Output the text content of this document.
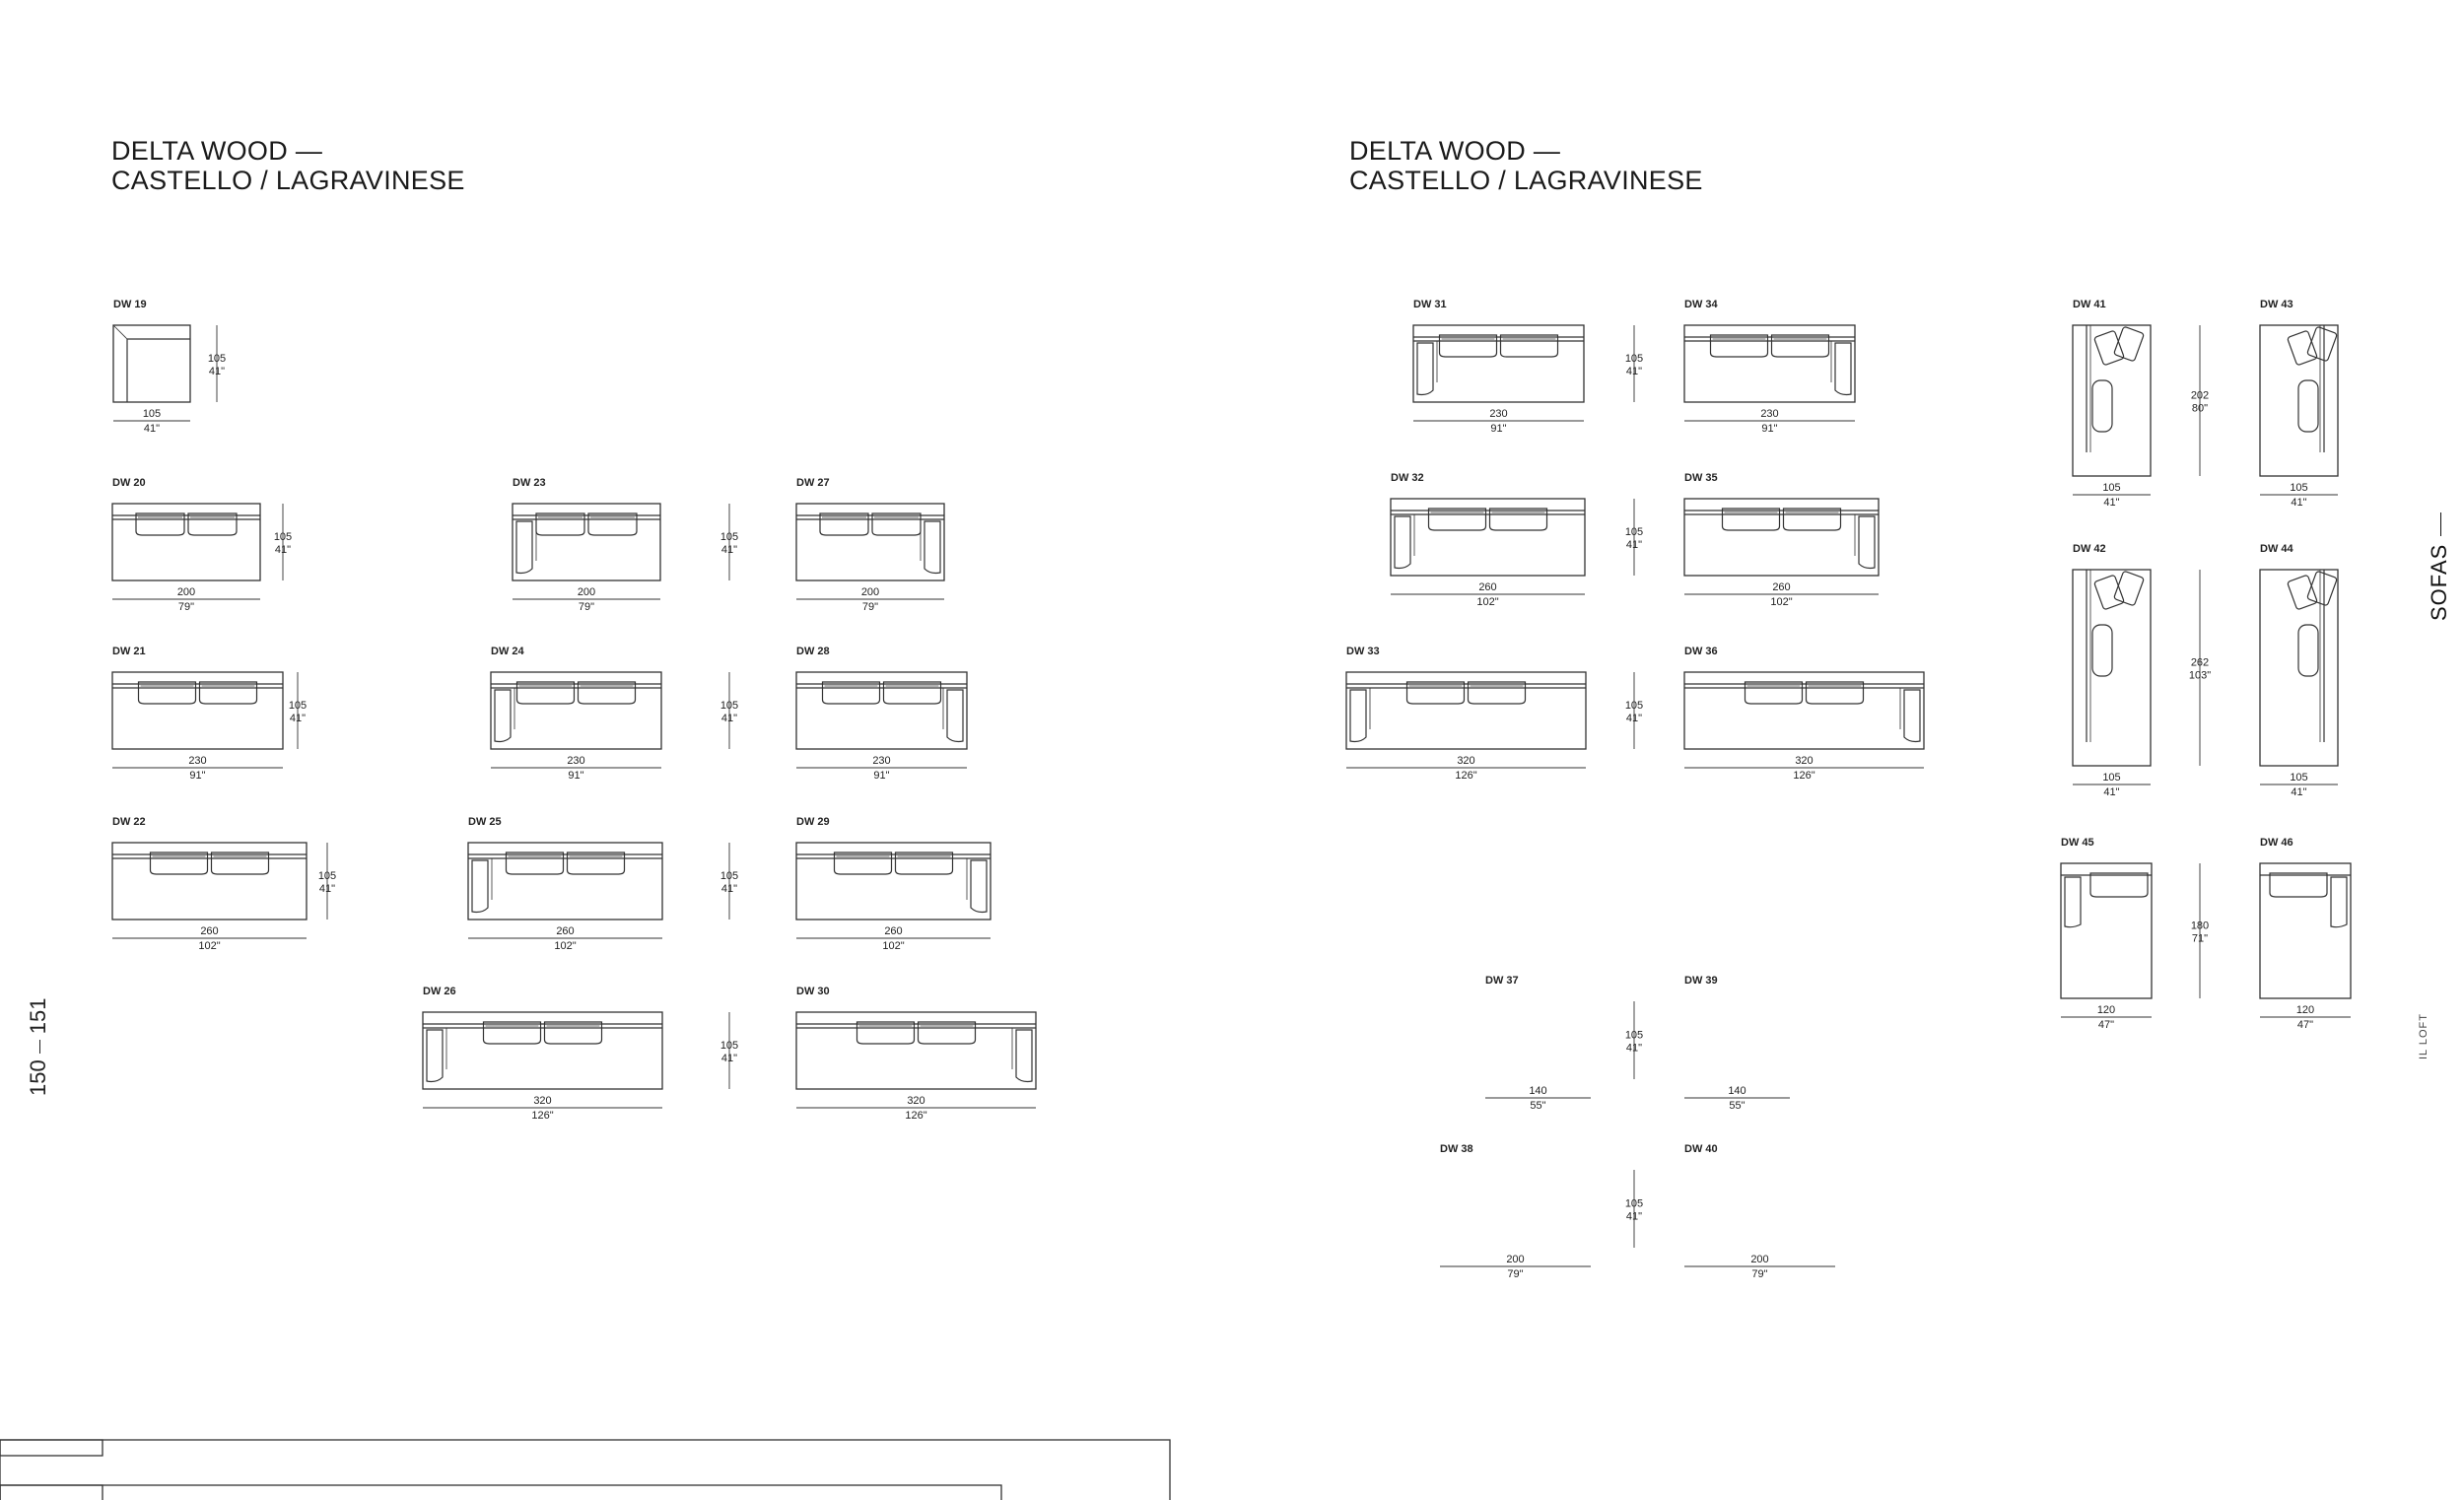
DELTA WOOD —
CASTELLO / LAGRAVINESE
DELTA WOOD —
CASTELLO / LAGRAVINESE
DW 19
105
41"
105
41"
DW 20
200
79"
105
41"
DW 23
200
79"
DW 27
200
79"
105
41"
DW 21
230
91"
105
41"
DW 24
230
91"
DW 28
230
91"
105
41"
DW 22
260
102"
105
41"
DW 25
260
102"
DW 29
260
102"
105
41"
DW 26
320
126"
DW 30
320
126"
105
41"
DW 31
230
91"
DW 34
230
91"
105
41"
DW 32
260
102"
DW 35
260
102"
105
41"
DW 33
320
126"
DW 36
320
126"
105
41"
DW 37
140
55"
DW 39
140
55"
105
41"
DW 38
200
79"
DW 40
200
79"
105
41"
DW 41
105
41"
202
80"
DW 43
105
41"
DW 42
105
41"
262
103"
DW 44
105
41"
DW 45
120
47"
180
71"
DW 46
120
47"
150151
SOFAS
IL LOFT
